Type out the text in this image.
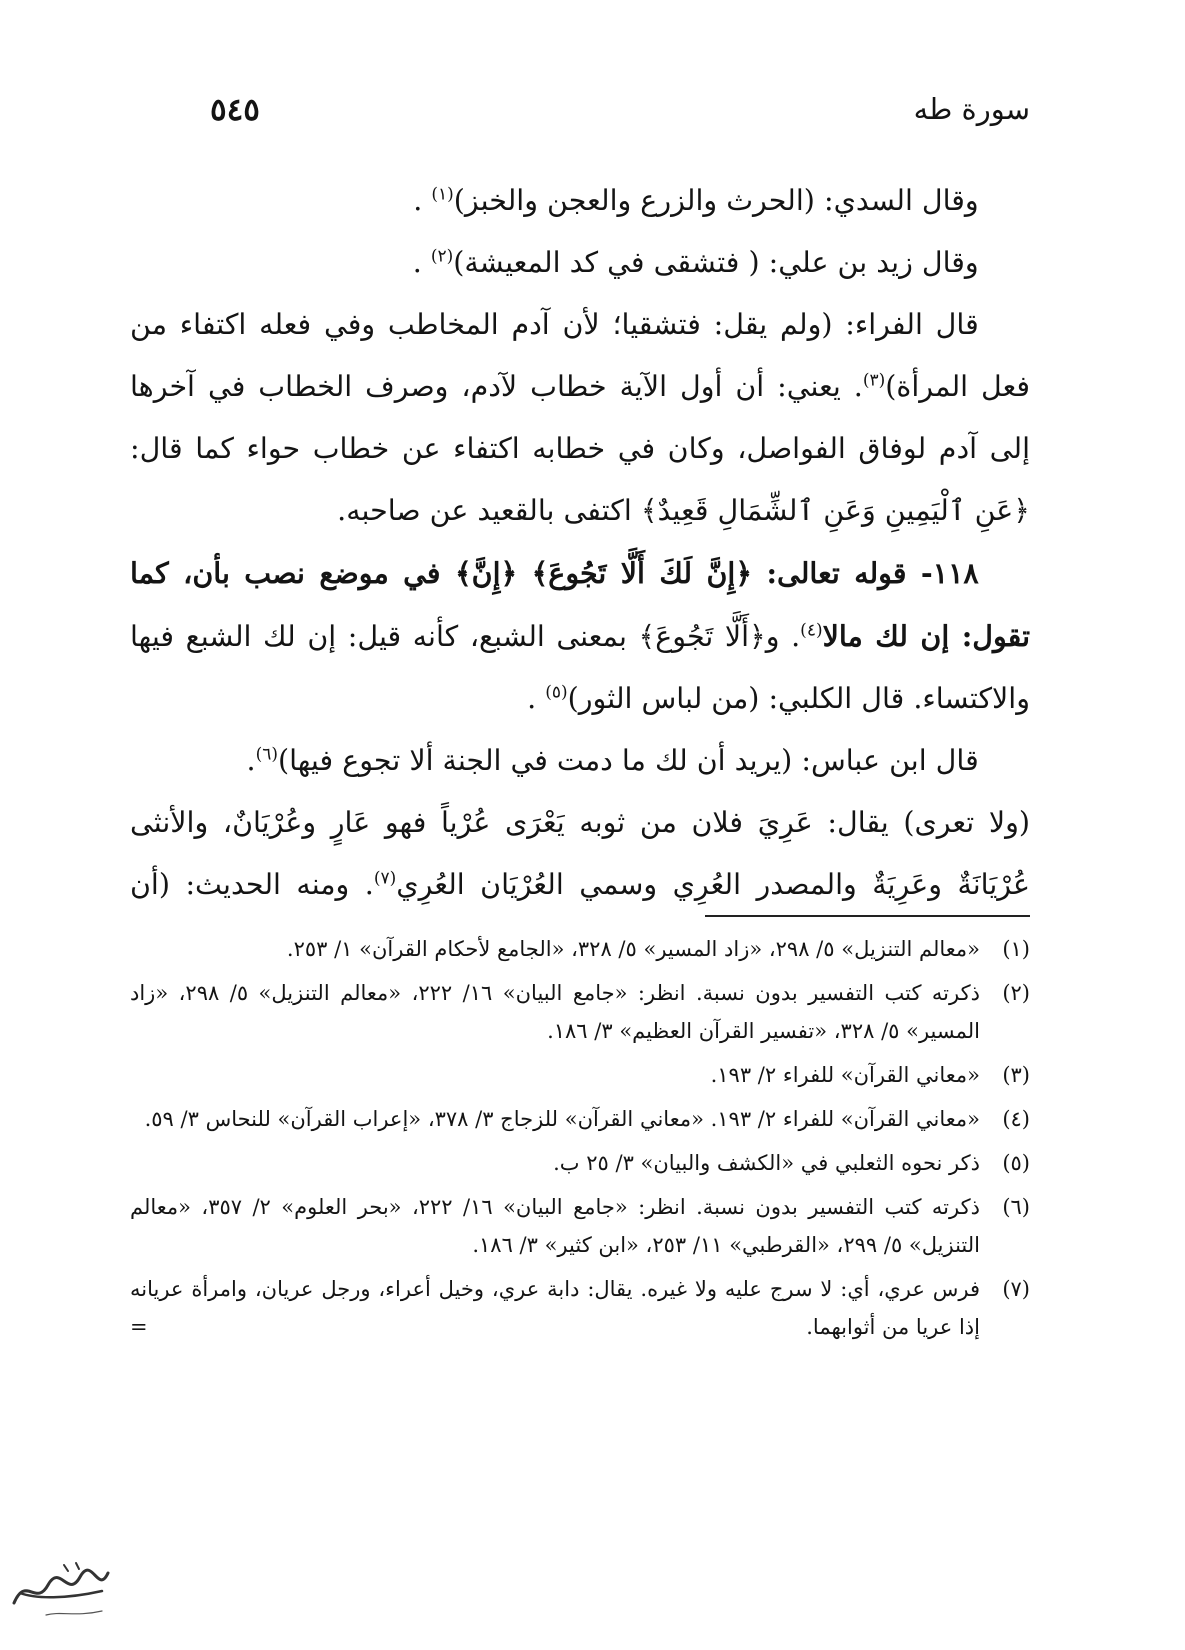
سورة طه
٥٤٥

وقال السدي: (الحرث والزرع والعجن والخبز)$^{(١)}$ .

وقال زيد بن علي: ( فتشقى في كد المعيشة)$^{(٢)}$ .

قال الفراء: (ولم يقل: فتشقيا؛ لأن آدم المخاطب وفي فعله اكتفاء من فعل المرأة)$^{(٣)}$. يعني: أن أول الآية خطاب لآدم، وصرف الخطاب في آخرها إلى آدم لوفاق الفواصل، وكان في خطابه اكتفاء عن خطاب حواء كما قال: ﴿عَنِ ٱلْيَمِينِ وَعَنِ ٱلشِّمَالِ قَعِيدٌ﴾ اكتفى بالقعيد عن صاحبه.

١١٨- قوله تعالى: ﴿إِنَّ لَكَ أَلَّا تَجُوعَ﴾ ﴿إِنَّ﴾ في موضع نصب بأن، كما تقول: إن لك مالا$^{(٤)}$. و﴿أَلَّا تَجُوعَ﴾ بمعنى الشبع، كأنه قيل: إن لك الشبع فيها والاكتساء. قال الكلبي: (من لباس الثور)$^{(٥)}$ .

قال ابن عباس: (يريد أن لك ما دمت في الجنة ألا تجوع فيها)$^{(٦)}$.

(ولا تعرى) يقال: عَرِيَ فلان من ثوبه يَعْرَى عُرْياً فهو عَارٍ وعُرْيَانٌ، والأنثى عُرْيَانَةٌ وعَرِيَةٌ والمصدر العُرِي وسمي العُرْيَان العُرِي$^{(٧)}$. ومنه الحديث: (أن

(١)
«معالم التنزيل» ٥/ ٢٩٨، «زاد المسير» ٥/ ٣٢٨، «الجامع لأحكام القرآن» ١/ ٢٥٣.
(٢)
ذكرته كتب التفسير بدون نسبة. انظر: «جامع البيان» ١٦/ ٢٢٢، «معالم التنزيل» ٥/ ٢٩٨، «زاد المسير» ٥/ ٣٢٨، «تفسير القرآن العظيم» ٣/ ١٨٦.
(٣)
«معاني القرآن» للفراء ٢/ ١٩٣.
(٤)
«معاني القرآن» للفراء ٢/ ١٩٣. «معاني القرآن» للزجاج ٣/ ٣٧٨، «إعراب القرآن» للنحاس ٣/ ٥٩.
(٥)
ذكر نحوه الثعلبي في «الكشف والبيان» ٣/ ٢٥ ب.
(٦)
ذكرته كتب التفسير بدون نسبة. انظر: «جامع البيان» ١٦/ ٢٢٢، «بحر العلوم» ٢/ ٣٥٧، «معالم التنزيل» ٥/ ٢٩٩، «القرطبي» ١١/ ٢٥٣، «ابن كثير» ٣/ ١٨٦.
(٧)
فرس عري، أي: لا سرج عليه ولا غيره. يقال: دابة عري، وخيل أعراء، ورجل عريان، وامرأة عريانه إذا عريا من أثوابهما.
=
